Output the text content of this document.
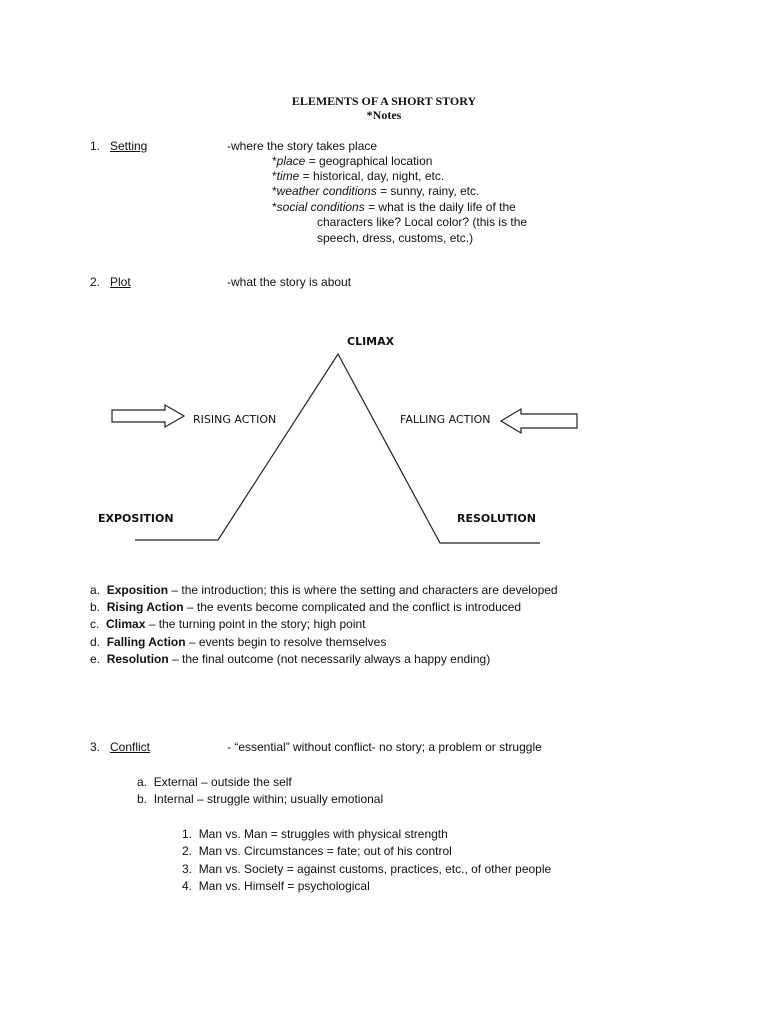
ELEMENTS OF A SHORT STORY
*Notes
1. Setting	-where the story takes place
*place = geographical location
*time = historical, day, night, etc.
*weather conditions = sunny, rainy, etc.
*social conditions = what is the daily life of the
characters like? Local color? (this is the
speech, dress, customs, etc.)
2. Plot	-what the story is about
CLIMAX
RISING ACTION	FALLING ACTION
EXPOSITION	RESOLUTION
a. Exposition – the introduction; this is where the setting and characters are developed
b. Rising Action – the events become complicated and the conflict is introduced
c. Climax – the turning point in the story; high point
d. Falling Action – events begin to resolve themselves
e. Resolution – the final outcome (not necessarily always a happy ending)
3. Conflict	- “essential” without conflict- no story; a problem or struggle
a. External – outside the self
b. Internal – struggle within; usually emotional
1. Man vs. Man = struggles with physical strength
2. Man vs. Circumstances = fate; out of his control
3. Man vs. Society = against customs, practices, etc., of other people
4. Man vs. Himself = psychological
